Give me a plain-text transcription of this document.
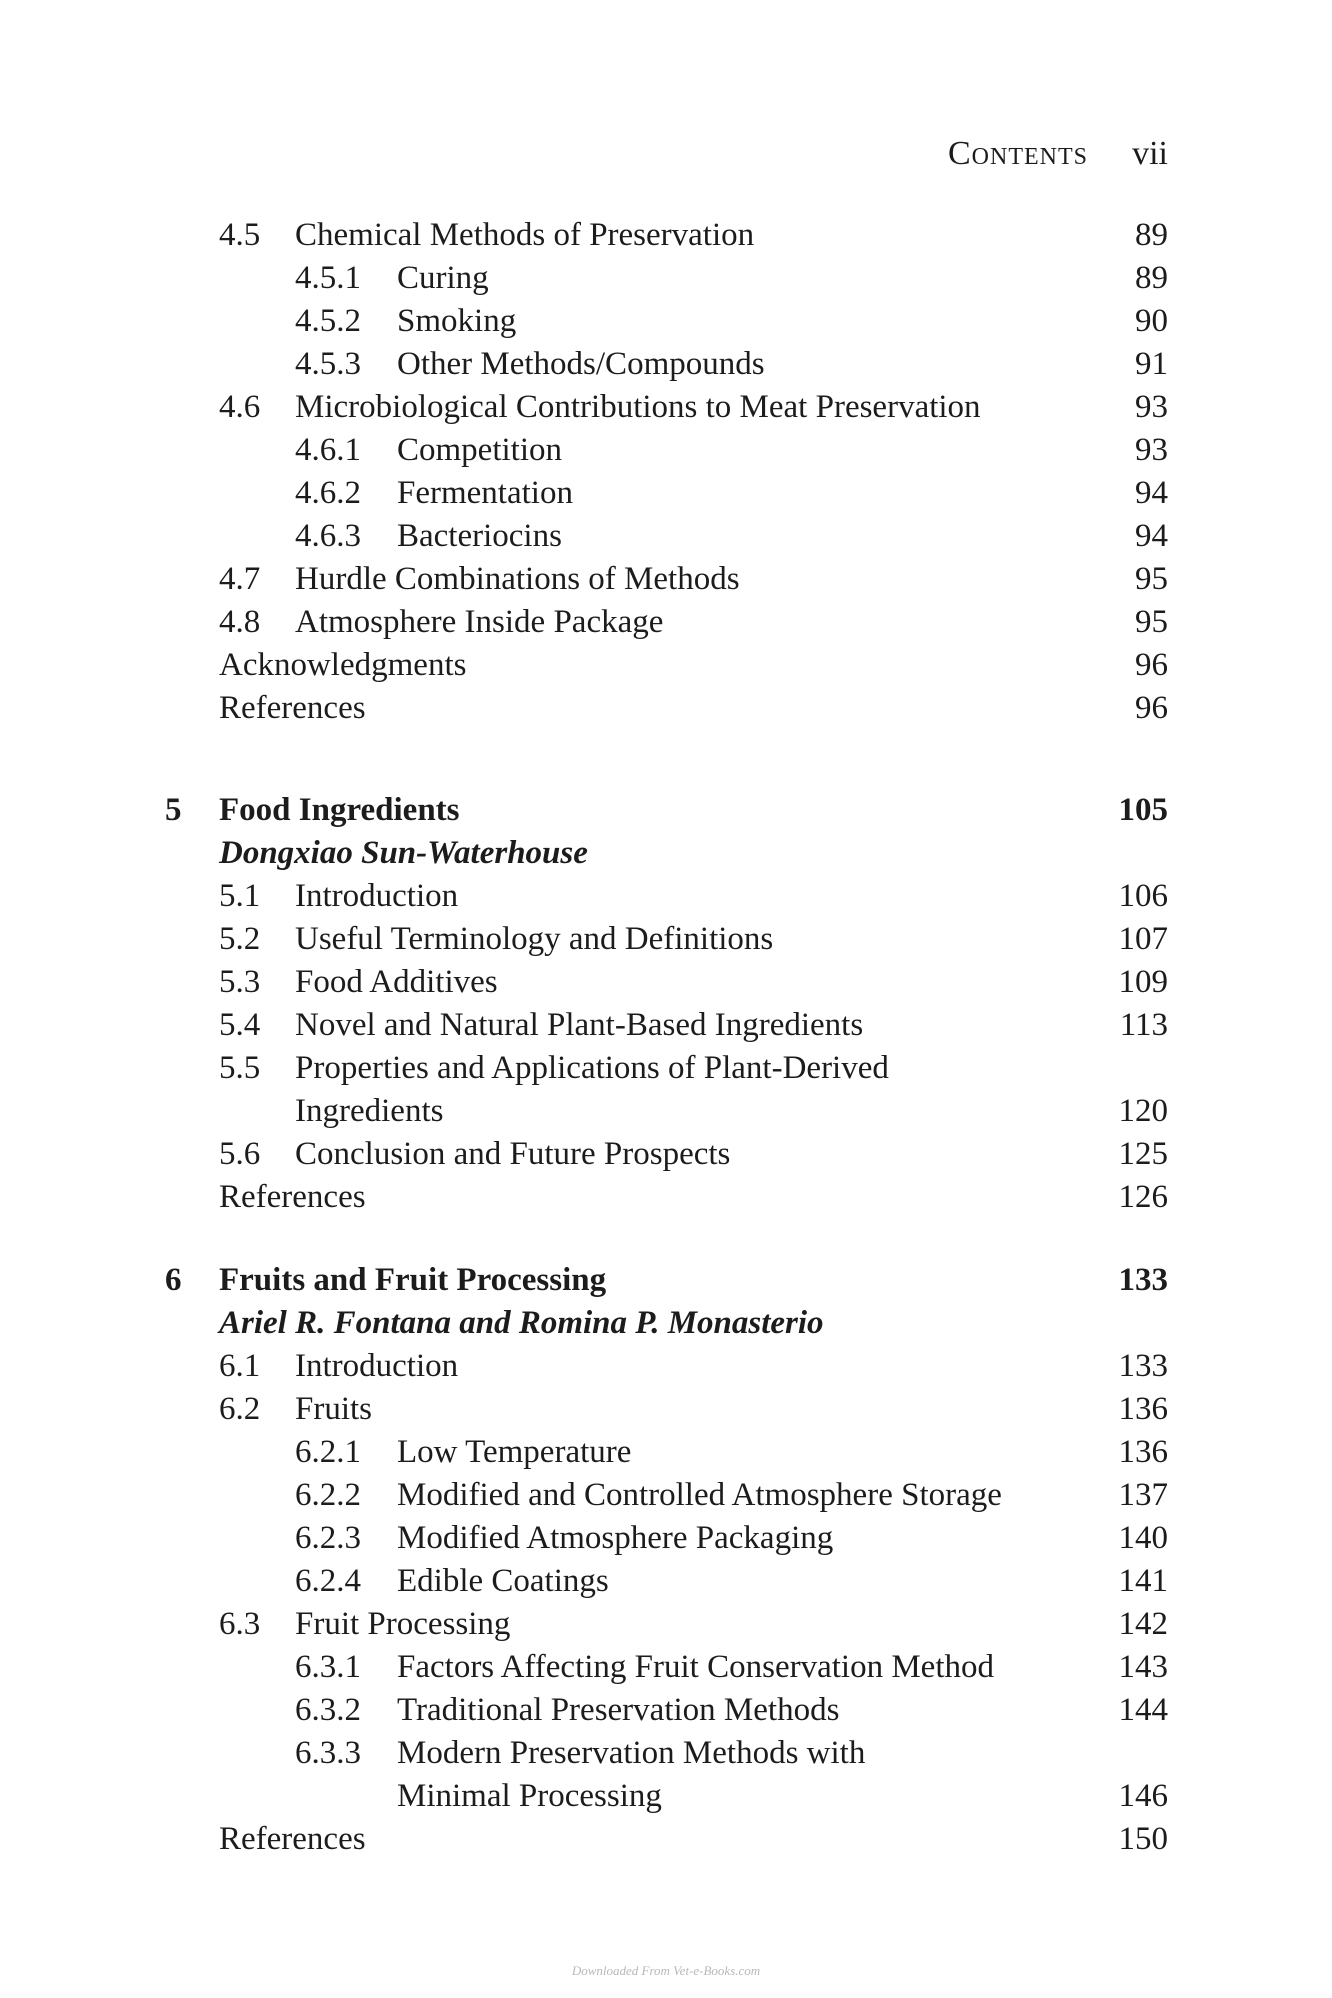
Contents vii
4.5 Chemical Methods of Preservation	89
4.5.1 Curing	89
4.5.2 Smoking	90
4.5.3 Other Methods/Compounds	91
4.6 Microbiological Contributions to Meat Preservation	93
4.6.1 Competition	93
4.6.2 Fermentation	94
4.6.3 Bacteriocins	94
4.7 Hurdle Combinations of Methods	95
4.8 Atmosphere Inside Package	95
Acknowledgments	96
References	96
5 Food Ingredients	105
Dongxiao Sun-Waterhouse
5.1 Introduction	106
5.2 Useful Terminology and Definitions	107
5.3 Food Additives	109
5.4 Novel and Natural Plant-Based Ingredients	113
5.5 Properties and Applications of Plant-Derived
Ingredients	120
5.6 Conclusion and Future Prospects	125
References	126
6 Fruits and Fruit Processing	133
Ariel R. Fontana and Romina P. Monasterio
6.1 Introduction	133
6.2 Fruits	136
6.2.1 Low Temperature	136
6.2.2 Modified and Controlled Atmosphere Storage	137
6.2.3 Modified Atmosphere Packaging	140
6.2.4 Edible Coatings	141
6.3 Fruit Processing	142
6.3.1 Factors Affecting Fruit Conservation Method	143
6.3.2 Traditional Preservation Methods	144
6.3.3 Modern Preservation Methods with
Minimal Processing	146
References	150
Downloaded From Vet-e-Books.com
